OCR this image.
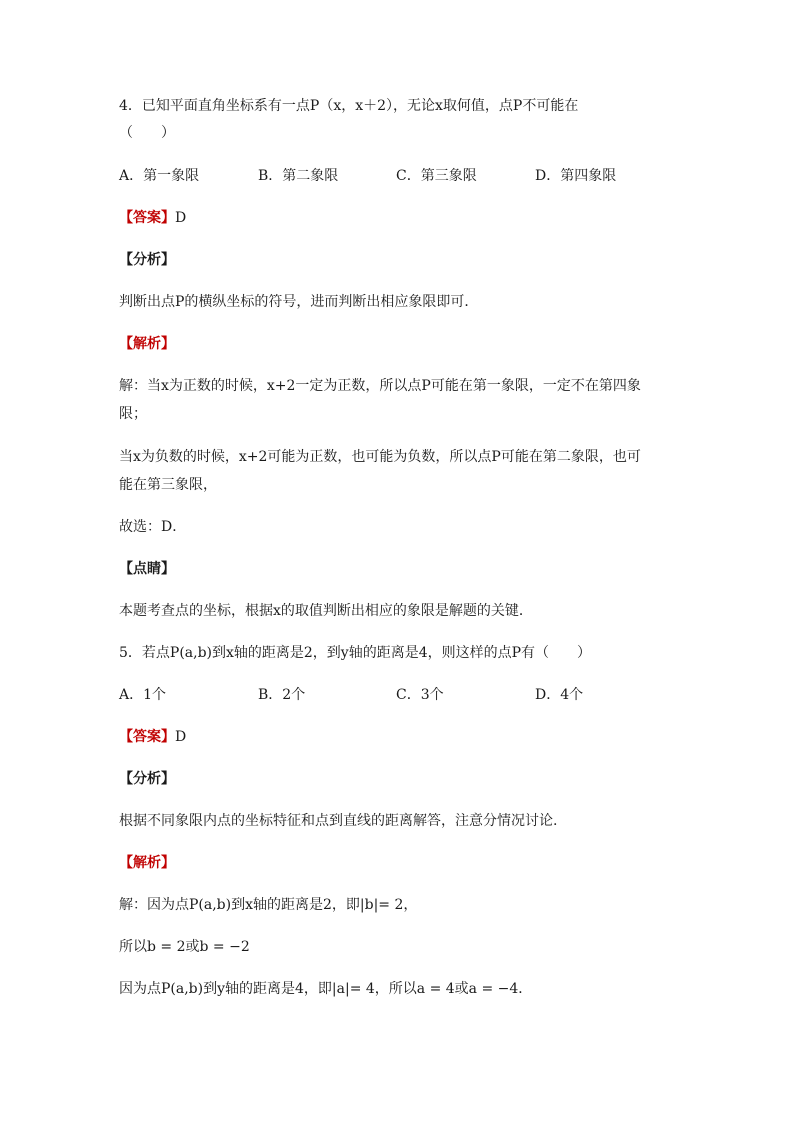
4．已知平面直角坐标系有一点P（x，x＋2），无论x取何值，点P不可能在
（　　）
A．第一象限	B．第二象限	C．第三象限	D．第四象限
【答案】D
【分析】
判断出点P的横纵坐标的符号，进而判断出相应象限即可．
【解析】
解：当x为正数的时候，x+2一定为正数，所以点P可能在第一象限，一定不在第四象
限；
当x为负数的时候，x+2可能为正数，也可能为负数，所以点P可能在第二象限，也可
能在第三象限，
故选：D．
【点睛】
本题考查点的坐标，根据x的取值判断出相应的象限是解题的关键．
5．若点P(a,b)到x轴的距离是2，到y轴的距离是4，则这样的点P有（　　）
A．1个	B．2个	C．3个	D．4个
【答案】D
【分析】
根据不同象限内点的坐标特征和点到直线的距离解答，注意分情况讨论.
【解析】
解：因为点P(a,b)到x轴的距离是2，即|b|= 2，
所以b = 2或b = −2
因为点P(a,b)到y轴的距离是4，即|a|= 4，所以a = 4或a = −4．
